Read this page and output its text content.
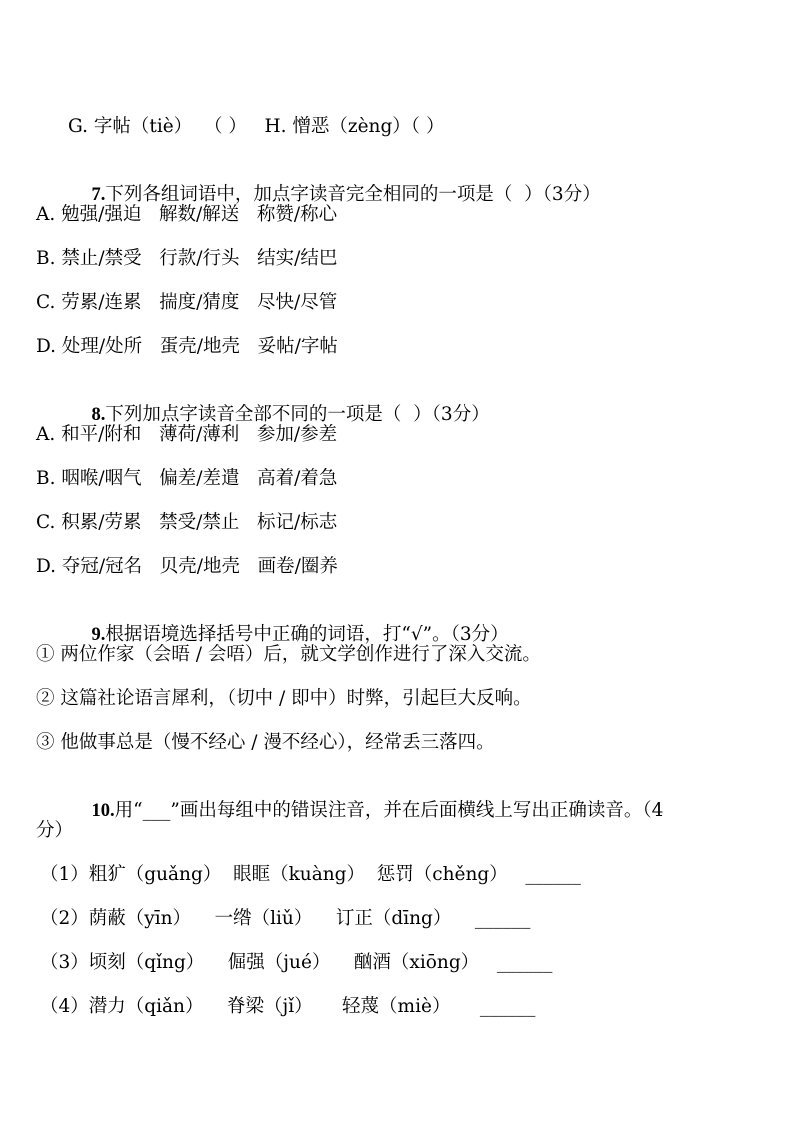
G. 字帖（tiè）  （ ）   H. 憎恶（zèng）（ ）

7.下列各组词语中，加点字读音完全相同的一项是（  ）（3分）

A. 勉强/强迫   解数/解送   称赞/称心
B. 禁止/禁受   行款/行头   结实/结巴
C. 劳累/连累   揣度/猜度   尽快/尽管
D. 处理/处所   蛋壳/地壳   妥帖/字帖

8.下列加点字读音全部不同的一项是（  ）（3分）

A. 和平/附和   薄荷/薄利   参加/参差
B. 咽喉/咽气   偏差/差遣   高着/着急
C. 积累/劳累   禁受/禁止   标记/标志
D. 夺冠/冠名   贝壳/地壳   画卷/圈养

9.根据语境选择括号中正确的词语，打“√”。（3分）

① 两位作家（会晤 / 会唔）后，就文学创作进行了深入交流。
② 这篇社论语言犀利，（切中 / 即中）时弊，引起巨大反响。
③ 他做事总是（慢不经心 / 漫不经心），经常丢三落四。

10.用“___”画出每组中的错误注音，并在后面横线上写出正确读音。（4

分）
（1）粗犷（guǎng）  眼眶（kuàng）  惩罚（chěng）   ______
（2）荫蔽（yīn）    一绺（liǔ）    订正（dīng）    ______
（3）顷刻（qǐng）    倔强（jué）    酗酒（xiōng）   ______
（4）潜力（qiǎn）    脊梁（jǐ）     轻蔑（miè）     ______
